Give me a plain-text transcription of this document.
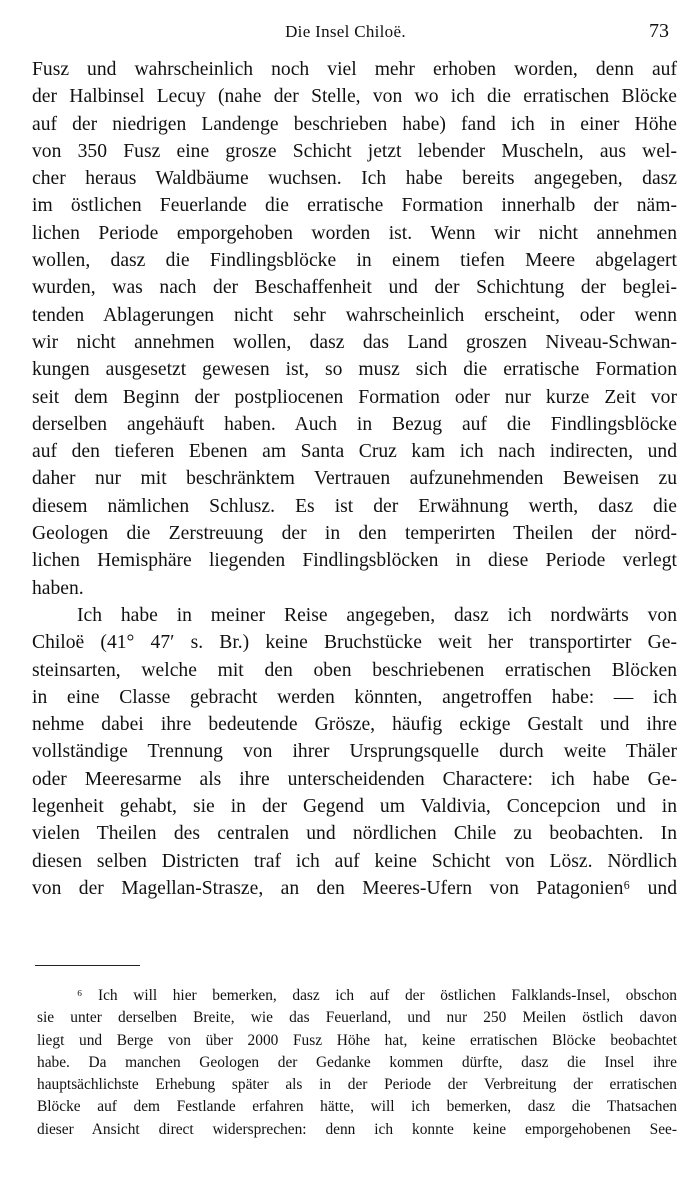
Die Insel Chiloë.	73
Fusz und wahrscheinlich noch viel mehr erhoben worden, denn auf
der Halbinsel Lecuy (nahe der Stelle, von wo ich die erratischen Blöcke
auf der niedrigen Landenge beschrieben habe) fand ich in einer Höhe
von 350 Fusz eine grosze Schicht jetzt lebender Muscheln, aus wel-
cher heraus Waldbäume wuchsen. Ich habe bereits angegeben, dasz
im östlichen Feuerlande die erratische Formation innerhalb der näm-
lichen Periode emporgehoben worden ist. Wenn wir nicht annehmen
wollen, dasz die Findlingsblöcke in einem tiefen Meere abgelagert
wurden, was nach der Beschaffenheit und der Schichtung der beglei-
tenden Ablagerungen nicht sehr wahrscheinlich erscheint, oder wenn
wir nicht annehmen wollen, dasz das Land groszen Niveau-Schwan-
kungen ausgesetzt gewesen ist, so musz sich die erratische Formation
seit dem Beginn der postpliocenen Formation oder nur kurze Zeit vor
derselben angehäuft haben. Auch in Bezug auf die Findlingsblöcke
auf den tieferen Ebenen am Santa Cruz kam ich nach indirecten, und
daher nur mit beschränktem Vertrauen aufzunehmenden Beweisen zu
diesem nämlichen Schlusz. Es ist der Erwähnung werth, dasz die
Geologen die Zerstreuung der in den temperirten Theilen der nörd-
lichen Hemisphäre liegenden Findlingsblöcken in diese Periode verlegt
haben.
Ich habe in meiner Reise angegeben, dasz ich nordwärts von
Chiloë (41° 47′ s. Br.) keine Bruchstücke weit her transportirter Ge-
steinsarten, welche mit den oben beschriebenen erratischen Blöcken
in eine Classe gebracht werden könnten, angetroffen habe: — ich
nehme dabei ihre bedeutende Grösze, häufig eckige Gestalt und ihre
vollständige Trennung von ihrer Ursprungsquelle durch weite Thäler
oder Meeresarme als ihre unterscheidenden Charactere: ich habe Ge-
legenheit gehabt, sie in der Gegend um Valdivia, Concepcion und in
vielen Theilen des centralen und nördlichen Chile zu beobachten. In
diesen selben Districten traf ich auf keine Schicht von Lösz. Nördlich
von der Magellan-Strasze, an den Meeres-Ufern von Patagonien⁶ und
⁶ Ich will hier bemerken, dasz ich auf der östlichen Falklands-Insel, obschon
sie unter derselben Breite, wie das Feuerland, und nur 250 Meilen östlich davon
liegt und Berge von über 2000 Fusz Höhe hat, keine erratischen Blöcke beobachtet
habe. Da manchen Geologen der Gedanke kommen dürfte, dasz die Insel ihre
hauptsächlichste Erhebung später als in der Periode der Verbreitung der erratischen
Blöcke auf dem Festlande erfahren hätte, will ich bemerken, dasz die Thatsachen
dieser Ansicht direct widersprechen: denn ich konnte keine emporgehobenen See-
